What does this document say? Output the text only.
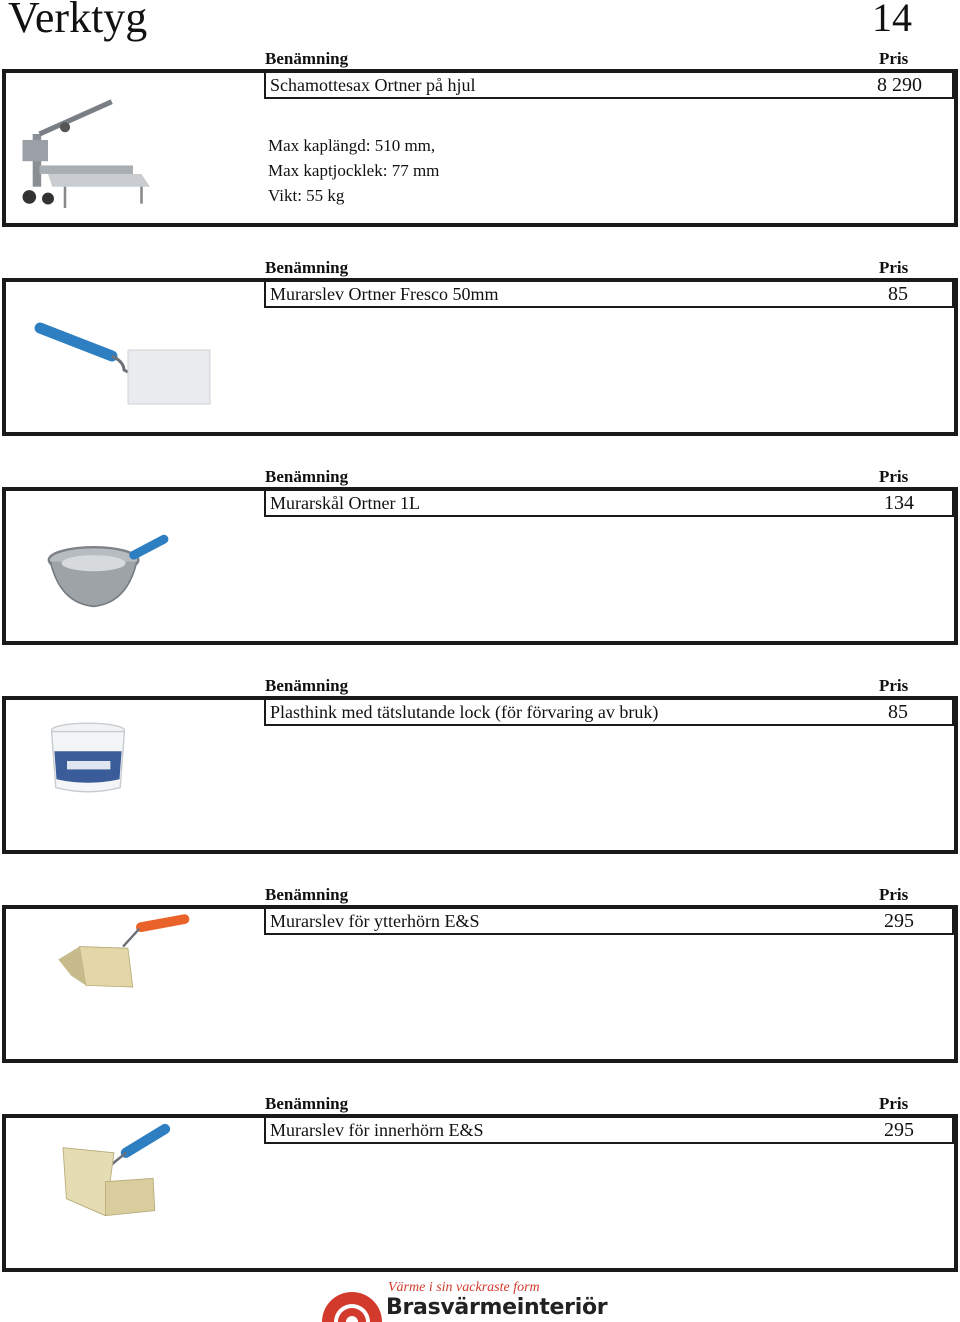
Verktyg	14
Benämning	Pris
Schamottesax Ortner på hjul	8 290
Max kaplängd: 510 mm,
Max kaptjocklek: 77 mm
Vikt: 55 kg
Benämning	Pris
Murarslev Ortner Fresco 50mm	85
Benämning	Pris
Murarskål Ortner 1L	134
Benämning	Pris
Plasthink med tätslutande lock (för förvaring av bruk)	85
Benämning	Pris
Murarslev för ytterhörn E&S	295
Benämning	Pris
Murarslev för innerhörn E&S	295
Värme i sin vackraste form
Brasvärmeinteriör
